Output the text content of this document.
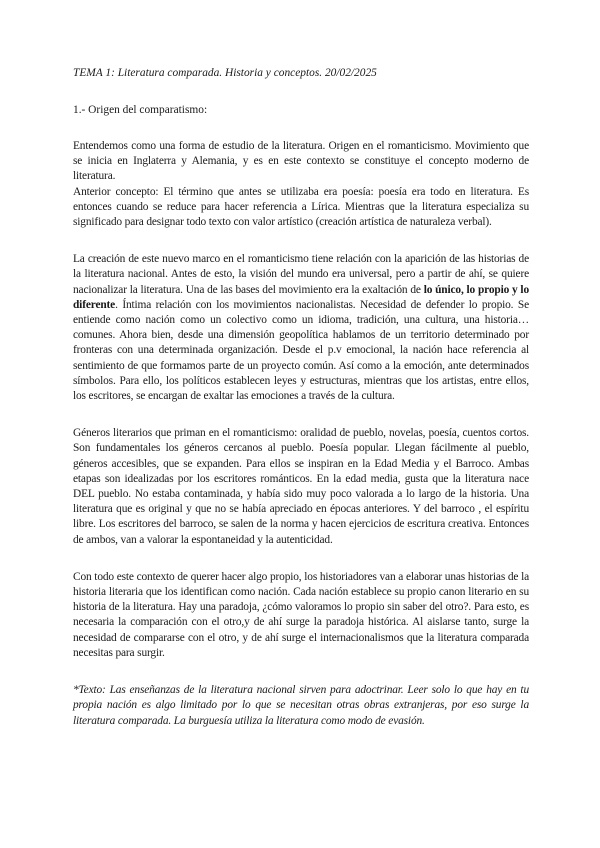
TEMA 1: Literatura comparada. Historia y conceptos. 20/02/2025
1.- Origen del comparatismo:

Entendemos como una forma de estudio de la literatura. Origen en el romanticismo. Movimiento que se inicia en Inglaterra y Alemania, y es en este contexto se constituye el concepto moderno de literatura.

Anterior concepto: El término que antes se utilizaba era poesía: poesía era todo en literatura. Es entonces cuando se reduce para hacer referencia a Lírica. Mientras que la literatura especializa su significado para designar todo texto con valor artístico (creación artística de naturaleza verbal).

La creación de este nuevo marco en el romanticismo tiene relación con la aparición de las historias de la literatura nacional. Antes de esto, la visión del mundo era universal, pero a partir de ahí, se quiere nacionalizar la literatura. Una de las bases del movimiento era la exaltación de lo único, lo propio y lo diferente. Íntima relación con los movimientos nacionalistas. Necesidad de defender lo propio. Se entiende como nación como un colectivo como un idioma, tradición, una cultura, una historia… comunes. Ahora bien, desde una dimensión geopolítica hablamos de un territorio determinado por fronteras con una determinada organización. Desde el p.v emocional, la nación hace referencia al sentimiento de que formamos parte de un proyecto común. Así como a la emoción, ante determinados símbolos. Para ello, los políticos establecen leyes y estructuras, mientras que los artistas, entre ellos, los escritores, se encargan de exaltar las emociones a través de la cultura.

Géneros literarios que priman en el romanticismo: oralidad de pueblo, novelas, poesía, cuentos cortos. Son fundamentales los géneros cercanos al pueblo. Poesía popular. Llegan fácilmente al pueblo, géneros accesibles, que se expanden. Para ellos se inspiran en la Edad Media y el Barroco. Ambas etapas son idealizadas por los escritores románticos. En la edad media, gusta que la literatura nace DEL pueblo. No estaba contaminada, y había sido muy poco valorada a lo largo de la historia. Una literatura que es original y que no se había apreciado en épocas anteriores. Y del barroco , el espíritu libre. Los escritores del barroco, se salen de la norma y hacen ejercicios de escritura creativa. Entonces de ambos, van a valorar la espontaneidad y la autenticidad.

Con todo este contexto de querer hacer algo propio, los historiadores van a elaborar unas historias de la historia literaria que los identifican como nación. Cada nación establece su propio canon literario en su historia de la literatura. Hay una paradoja, ¿cómo valoramos lo propio sin saber del otro?. Para esto, es necesaria la comparación con el otro,y de ahí surge la paradoja histórica. Al aislarse tanto, surge la necesidad de compararse con el otro, y de ahí surge el internacionalismos que la literatura comparada necesitas para surgir.

*Texto: Las enseñanzas de la literatura nacional sirven para adoctrinar. Leer solo lo que hay en tu propia nación es algo limitado por lo que se necesitan otras obras extranjeras, por eso surge la literatura comparada. La burguesía utiliza la literatura como modo de evasión.
